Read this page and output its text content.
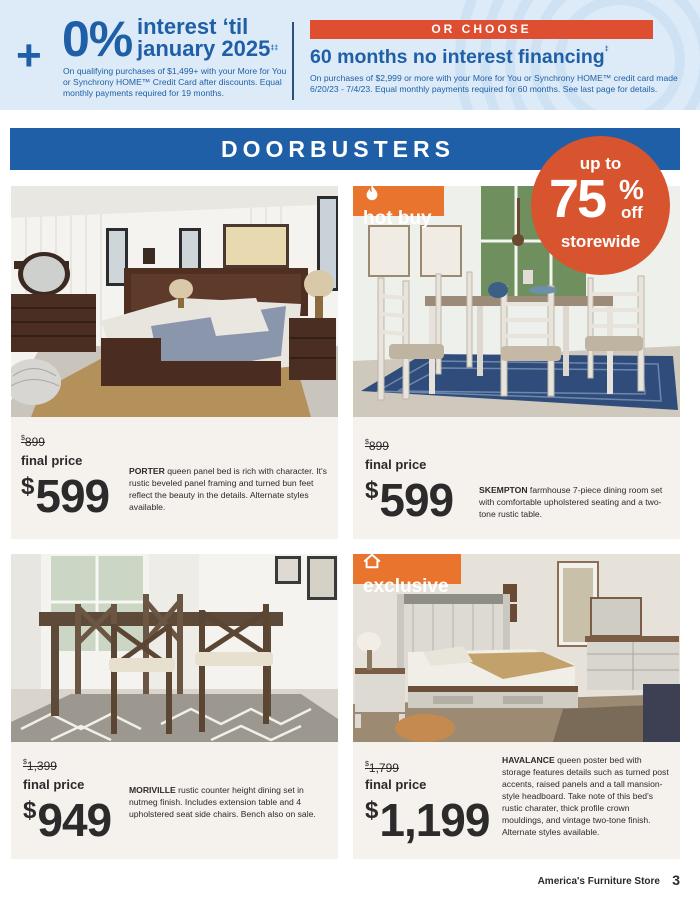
+ 0% interest ‘til january 2025‡‡
On qualifying purchases of $1,499+ with your More for You or Synchrony HOME™ Credit Card after discounts. Equal monthly payments required for 19 months.
OR CHOOSE
60 months no interest financing‡
On purchases of $2,999 or more with your More for You or Synchrony HOME™ credit card made 6/20/23 - 7/4/23. Equal monthly payments required for 60 months. See last page for details.
DOORBUSTERS
$899
final price
$599 PORTER queen panel bed is rich with character. It's rustic beveled panel framing and turned bun feet reflect the beauty in the details. Alternate styles available.
hot buy
$899
final price
$599	SKEMPTON farmhouse 7-piece dining room set with comfortable upholstered seating and a two-tone rustic table.
$1,399
final price
$949
MORIVILLE rustic counter height dining set in nutmeg finish. Includes extension table and 4 upholstered seat side chairs. Bench also on sale.
exclusive
$1,799
final price
$1,199
HAVALANCE queen poster bed with storage features details such as turned post accents, raised panels and a tall mansion-style headboard. Take note of this bed's rustic charater, thick profile crown mouldings, and vintage two-tone finish. Alternate styles available.
up to
75 %
off
storewide
America's Furniture Store 3
